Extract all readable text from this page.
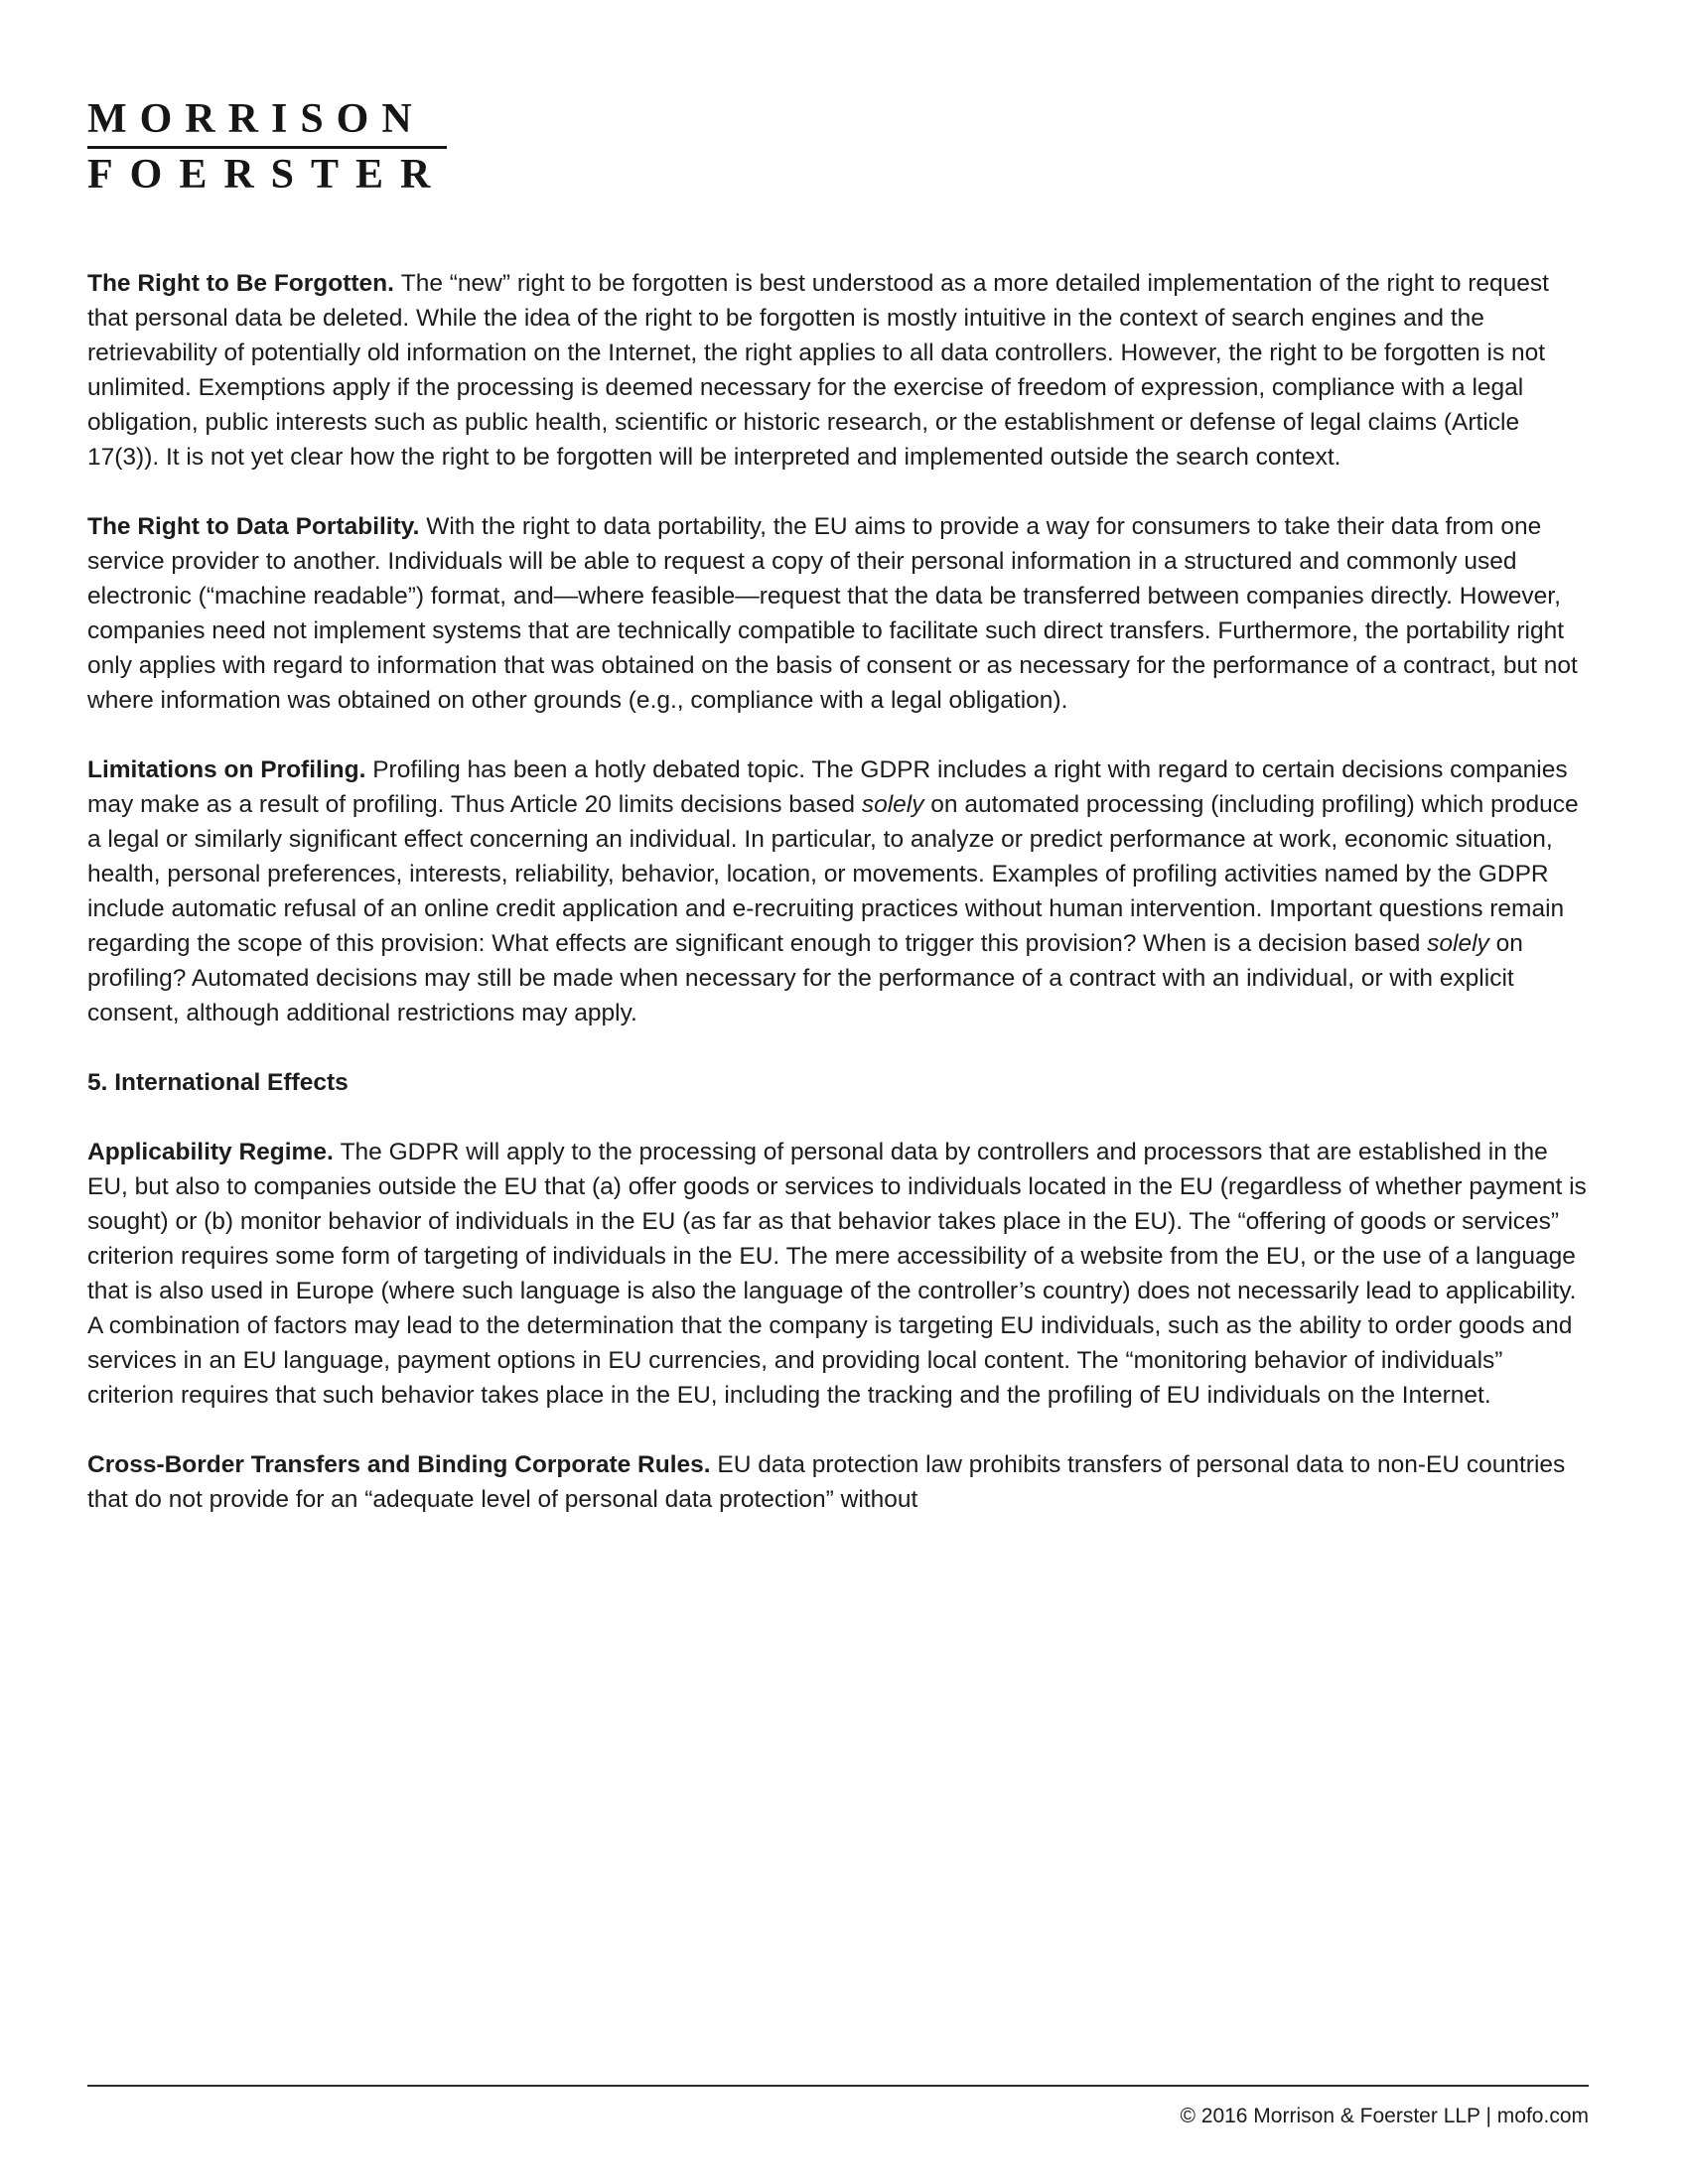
MORRISON
FOERSTER

The Right to Be Forgotten. The “new” right to be forgotten is best understood as a more detailed implementation of the right to request that personal data be deleted. While the idea of the right to be forgotten is mostly intuitive in the context of search engines and the retrievability of potentially old information on the Internet, the right applies to all data controllers. However, the right to be forgotten is not unlimited. Exemptions apply if the processing is deemed necessary for the exercise of freedom of expression, compliance with a legal obligation, public interests such as public health, scientific or historic research, or the establishment or defense of legal claims (Article 17(3)). It is not yet clear how the right to be forgotten will be interpreted and implemented outside the search context.

The Right to Data Portability. With the right to data portability, the EU aims to provide a way for consumers to take their data from one service provider to another. Individuals will be able to request a copy of their personal information in a structured and commonly used electronic (“machine readable”) format, and—where feasible—request that the data be transferred between companies directly. However, companies need not implement systems that are technically compatible to facilitate such direct transfers. Furthermore, the portability right only applies with regard to information that was obtained on the basis of consent or as necessary for the performance of a contract, but not where information was obtained on other grounds (e.g., compliance with a legal obligation).

Limitations on Profiling. Profiling has been a hotly debated topic. The GDPR includes a right with regard to certain decisions companies may make as a result of profiling. Thus Article 20 limits decisions based solely on automated processing (including profiling) which produce a legal or similarly significant effect concerning an individual. In particular, to analyze or predict performance at work, economic situation, health, personal preferences, interests, reliability, behavior, location, or movements. Examples of profiling activities named by the GDPR include automatic refusal of an online credit application and e-recruiting practices without human intervention. Important questions remain regarding the scope of this provision: What effects are significant enough to trigger this provision? When is a decision based solely on profiling? Automated decisions may still be made when necessary for the performance of a contract with an individual, or with explicit consent, although additional restrictions may apply.

5. International Effects

Applicability Regime. The GDPR will apply to the processing of personal data by controllers and processors that are established in the EU, but also to companies outside the EU that (a) offer goods or services to individuals located in the EU (regardless of whether payment is sought) or (b) monitor behavior of individuals in the EU (as far as that behavior takes place in the EU). The “offering of goods or services” criterion requires some form of targeting of individuals in the EU. The mere accessibility of a website from the EU, or the use of a language that is also used in Europe (where such language is also the language of the controller’s country) does not necessarily lead to applicability. A combination of factors may lead to the determination that the company is targeting EU individuals, such as the ability to order goods and services in an EU language, payment options in EU currencies, and providing local content. The “monitoring behavior of individuals” criterion requires that such behavior takes place in the EU, including the tracking and the profiling of EU individuals on the Internet.

Cross-Border Transfers and Binding Corporate Rules. EU data protection law prohibits transfers of personal data to non-EU countries that do not provide for an “adequate level of personal data protection” without

© 2016 Morrison & Foerster LLP | mofo.com
